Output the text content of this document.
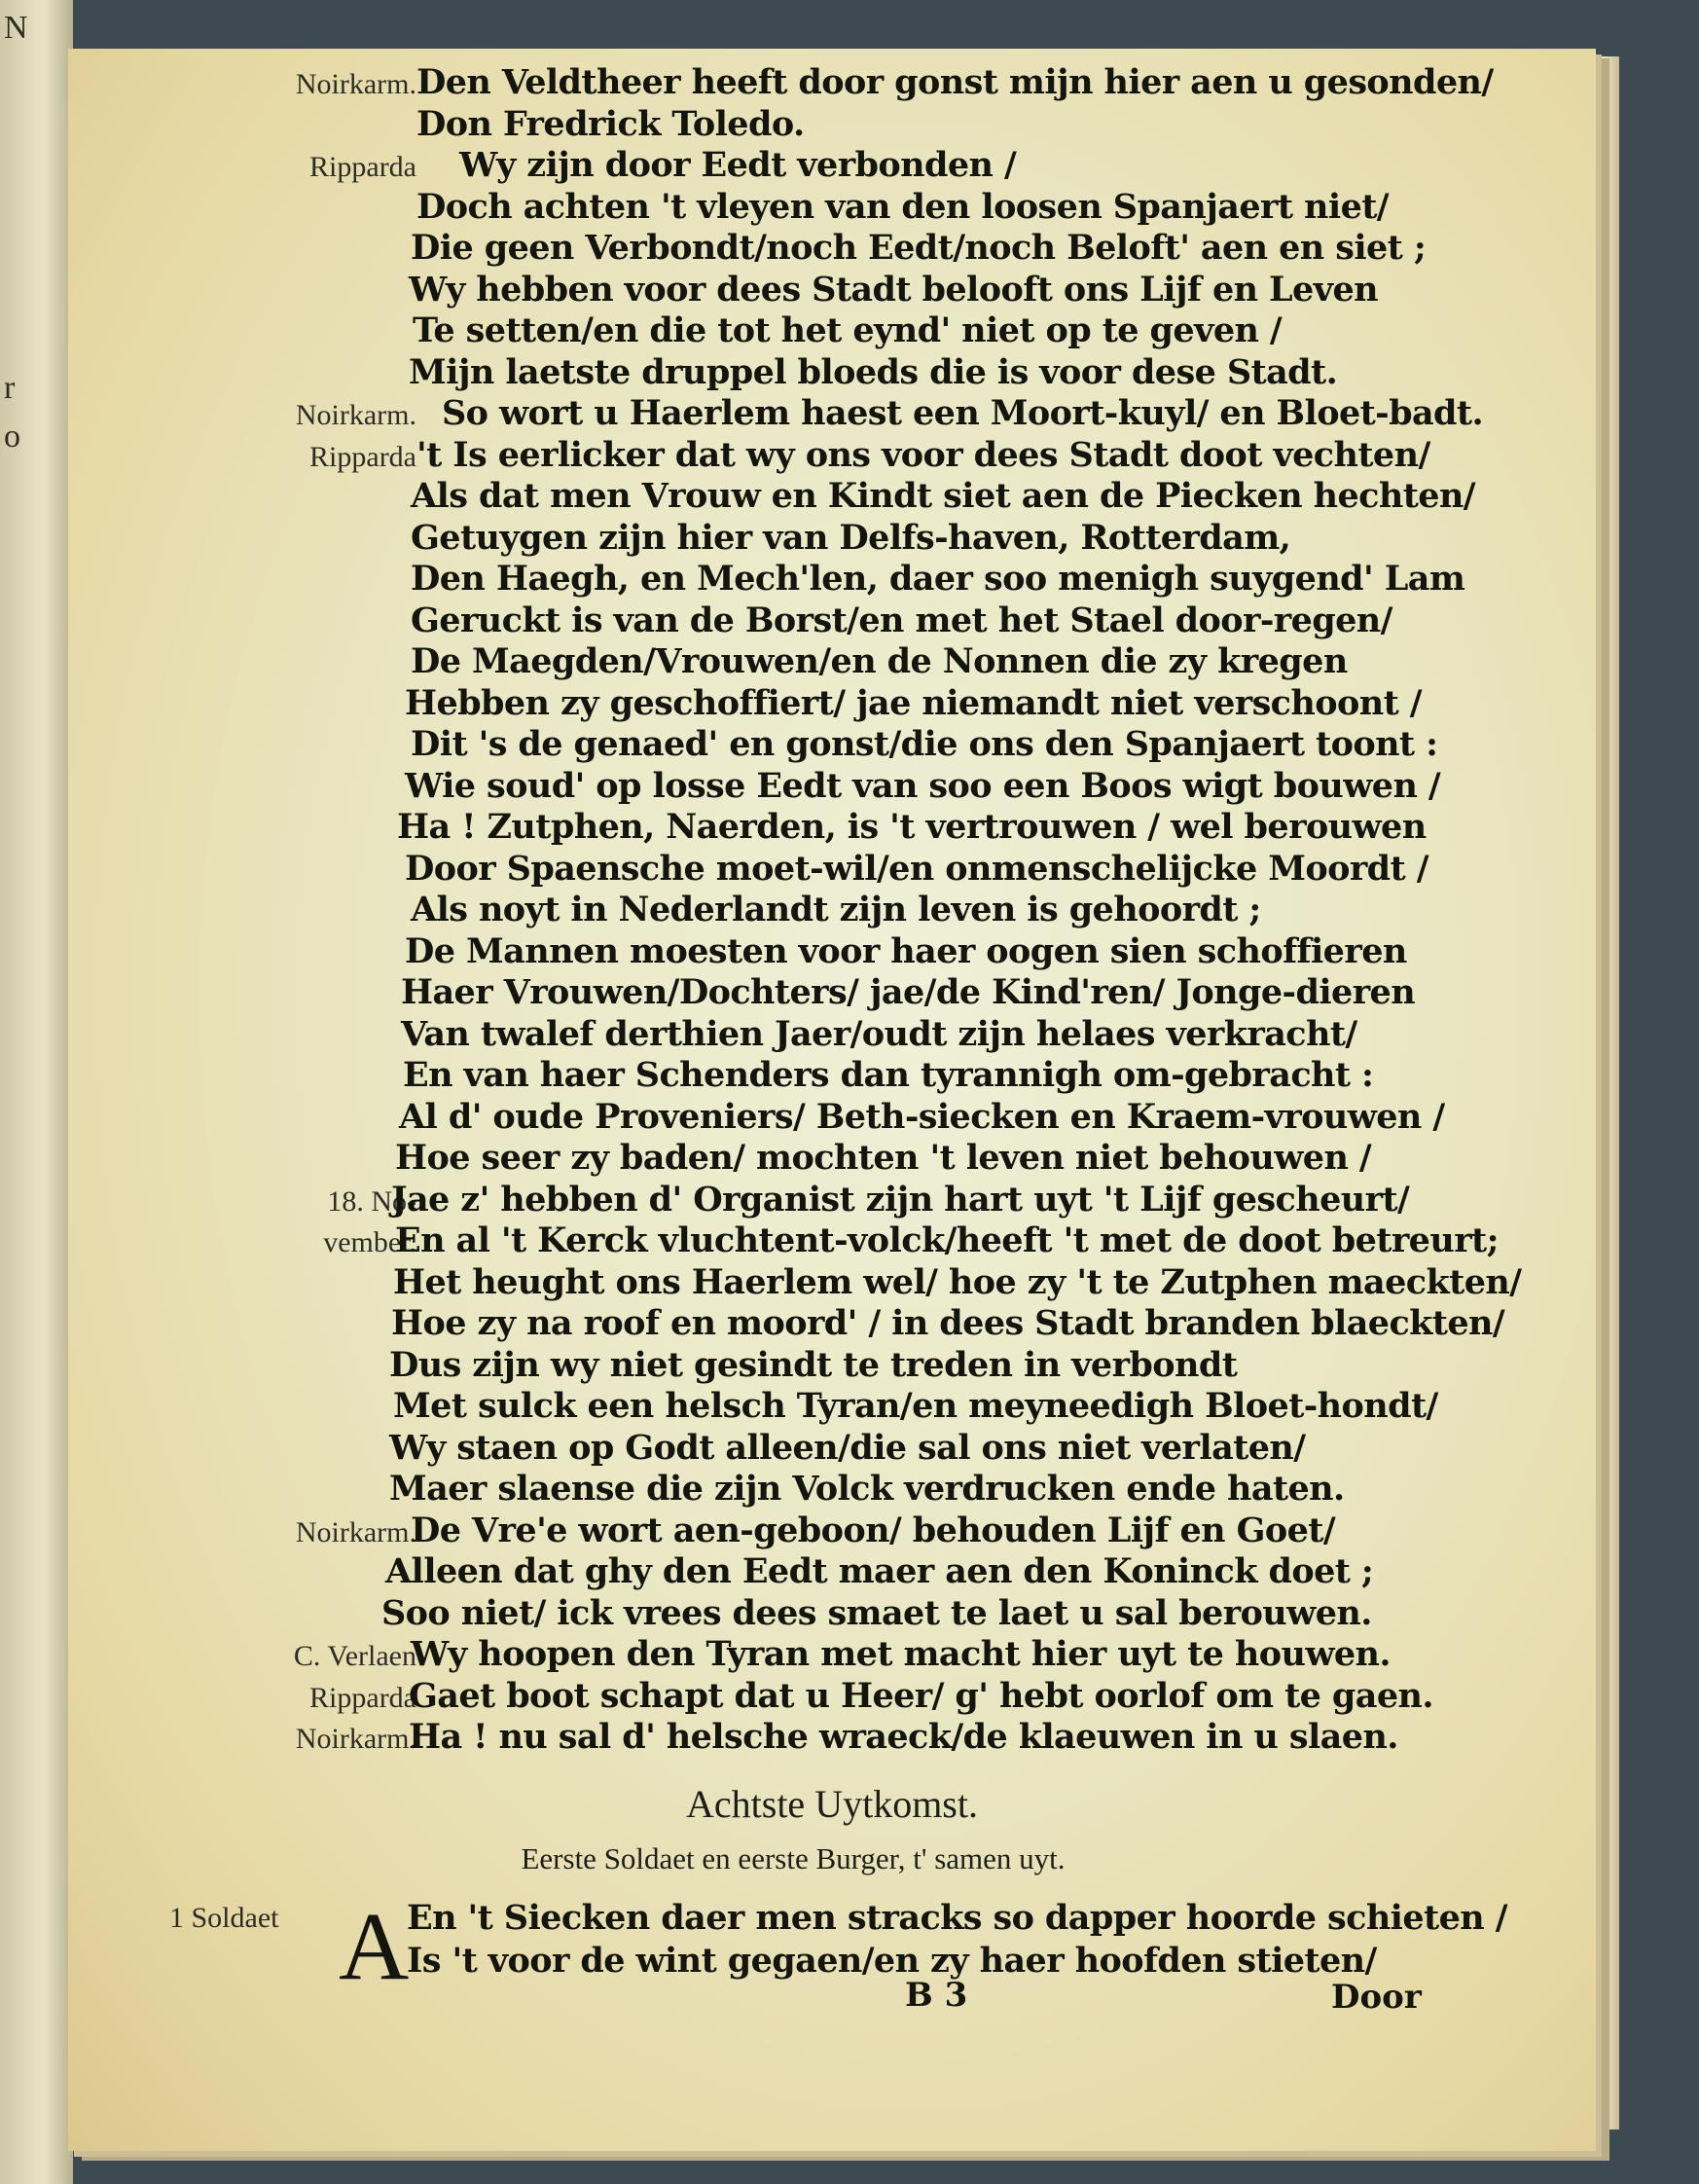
N
r
o
Noirkarm. Den Veldtheer heeft door gonst mijn hier aen u gesonden/
Don Fredrick Toledo.
Ripparda Wy zijn door Eedt verbonden /
Doch achten 't vleyen van den loosen Spanjaert niet/
Die geen Verbondt/noch Eedt/noch Beloft' aen en siet ;
Wy hebben voor dees Stadt belooft ons Lijf en Leven
Te setten/en die tot het eynd' niet op te geven /
Mijn laetste druppel bloeds die is voor dese Stadt.
Noirkarm. So wort u Haerlem haest een Moort-kuyl/ en Bloet-badt.
Ripparda 't Is eerlicker dat wy ons voor dees Stadt doot vechten/
Als dat men Vrouw en Kindt siet aen de Piecken hechten/
Getuygen zijn hier van Delfs-haven, Rotterdam,
Den Haegh, en Mech'len, daer soo menigh suygend' Lam
Geruckt is van de Borst/en met het Stael door-regen/
De Maegden/Vrouwen/en de Nonnen die zy kregen
Hebben zy geschoffiert/ jae niemandt niet verschoont /
Dit 's de genaed' en gonst/die ons den Spanjaert toont :
Wie soud' op losse Eedt van soo een Boos wigt bouwen /
Ha ! Zutphen, Naerden, is 't vertrouwen / wel berouwen
Door Spaensche moet-wil/en onmenschelijcke Moordt /
Als noyt in Nederlandt zijn leven is gehoordt ;
De Mannen moesten voor haer oogen sien schoffieren
Haer Vrouwen/Dochters/ jae/de Kind'ren/ Jonge-dieren
Van twalef derthien Jaer/oudt zijn helaes verkracht/
En van haer Schenders dan tyrannigh om-gebracht :
Al d' oude Proveniers/ Beth-siecken en Kraem-vrouwen /
Hoe seer zy baden/ mochten 't leven niet behouwen /
18. No-
Jae z' hebben d' Organist zijn hart uyt 't Lijf gescheurt/
vember.
En al 't Kerck vluchtent-volck/heeft 't met de doot betreurt;
Het heught ons Haerlem wel/ hoe zy 't te Zutphen maeckten/
Hoe zy na roof en moord' / in dees Stadt branden blaeckten/
Dus zijn wy niet gesindt te treden in verbondt
Met sulck een helsch Tyran/en meyneedigh Bloet-hondt/
Wy staen op Godt alleen/die sal ons niet verlaten/
Maer slaense die zijn Volck verdrucken ende haten.
Noirkarm.
De Vre'e wort aen-geboon/ behouden Lijf en Goet/
Alleen dat ghy den Eedt maer aen den Koninck doet ;
Soo niet/ ick vrees dees smaet te laet u sal berouwen.
C. Verlaen
Wy hoopen den Tyran met macht hier uyt te houwen.
Ripparda
Gaet boot schapt dat u Heer/ g' hebt oorlof om te gaen.
Noirkarm.
Ha ! nu sal d' helsche wraeck/de klaeuwen in u slaen.
Achtste Uytkomst.
Eerste Soldaet en eerste Burger, t' samen uyt.
1 Soldaet A
En 't Siecken daer men stracks so dapper hoorde schieten /
Is 't voor de wint gegaen/en zy haer hoofden stieten/
B 3	Door
